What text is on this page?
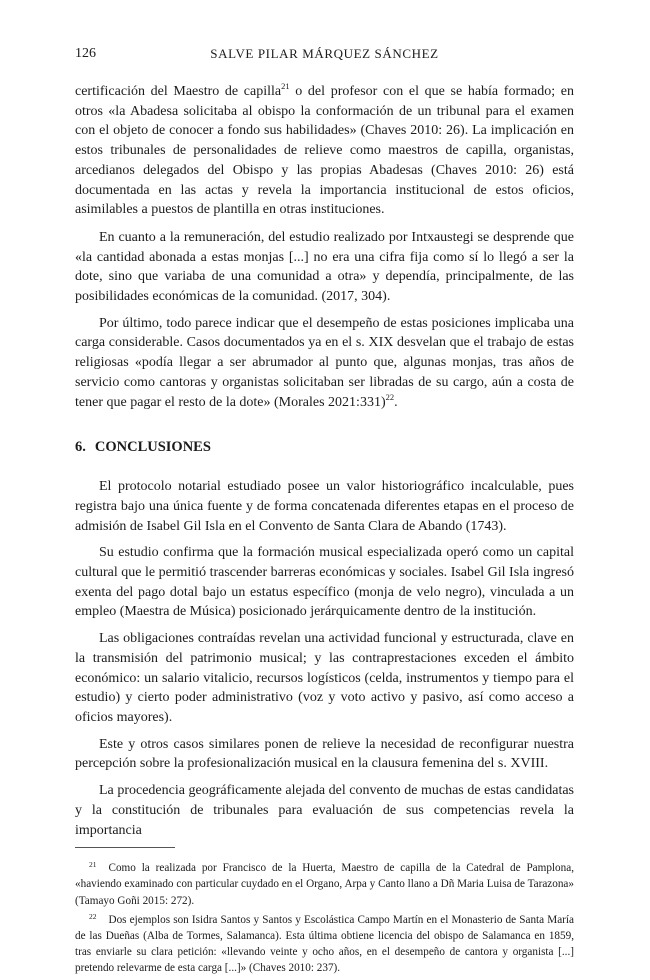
126	SALVE PILAR MÁRQUEZ SÁNCHEZ

certificación del Maestro de capilla$^{21}$ o del profesor con el que se había formado; en otros «la Abadesa solicitaba al obispo la conformación de un tribunal para el examen con el objeto de conocer a fondo sus habilidades» (Chaves 2010: 26). La implicación en estos tribunales de personalidades de relieve como maestros de capilla, organistas, arcedianos delegados del Obispo y las propias Abadesas (Chaves 2010: 26) está documentada en las actas y revela la importancia institucional de estos oficios, asimilables a puestos de plantilla en otras instituciones.

En cuanto a la remuneración, del estudio realizado por Intxaustegi se desprende que «la cantidad abonada a estas monjas [...] no era una cifra fija como sí lo llegó a ser la dote, sino que variaba de una comunidad a otra» y dependía, principalmente, de las posibilidades económicas de la comunidad. (2017, 304).

Por último, todo parece indicar que el desempeño de estas posiciones implicaba una carga considerable. Casos documentados ya en el s. XIX desvelan que el trabajo de estas religiosas «podía llegar a ser abrumador al punto que, algunas monjas, tras años de servicio como cantoras y organistas solicitaban ser libradas de su cargo, aún a costa de tener que pagar el resto de la dote» (Morales 2021:331)$^{22}$.

6. CONCLUSIONES

El protocolo notarial estudiado posee un valor historiográfico incalculable, pues registra bajo una única fuente y de forma concatenada diferentes etapas en el proceso de admisión de Isabel Gil Isla en el Convento de Santa Clara de Abando (1743).

Su estudio confirma que la formación musical especializada operó como un capital cultural que le permitió trascender barreras económicas y sociales. Isabel Gil Isla ingresó exenta del pago dotal bajo un estatus específico (monja de velo negro), vinculada a un empleo (Maestra de Música) posicionado jerárquicamente dentro de la institución.

Las obligaciones contraídas revelan una actividad funcional y estructurada, clave en la transmisión del patrimonio musical; y las contraprestaciones exceden el ámbito económico: un salario vitalicio, recursos logísticos (celda, instrumentos y tiempo para el estudio) y cierto poder administrativo (voz y voto activo y pasivo, así como acceso a oficios mayores).

Este y otros casos similares ponen de relieve la necesidad de reconfigurar nuestra percepción sobre la profesionalización musical en la clausura femenina del s. XVIII.

La procedencia geográficamente alejada del convento de muchas de estas candidatas y la constitución de tribunales para evaluación de sus competencias revela la importancia

$^{21}$ Como la realizada por Francisco de la Huerta, Maestro de capilla de la Catedral de Pamplona, «haviendo examinado con particular cuydado en el Organo, Arpa y Canto llano a Dñ Maria Luisa de Tarazona» (Tamayo Goñi 2015: 272).

$^{22}$ Dos ejemplos son Isidra Santos y Santos y Escolástica Campo Martín en el Monasterio de Santa María de las Dueñas (Alba de Tormes, Salamanca). Esta última obtiene licencia del obispo de Salamanca en 1859, tras enviarle su clara petición: «llevando veinte y ocho años, en el desempeño de cantora y organista [...] pretendo relevarme de esta carga [...]» (Chaves 2010: 237).
